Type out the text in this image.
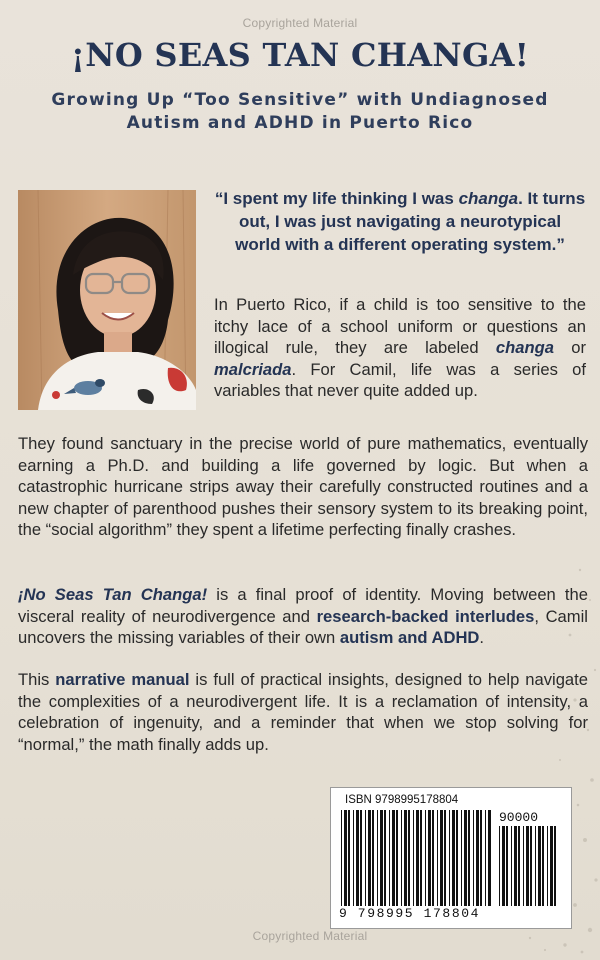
Copyrighted Material
¡NO SEAS TAN CHANGA!
Growing Up “Too Sensitive” with Undiagnosed
Autism and ADHD in Puerto Rico
“I spent my life thinking I was changa. It turns out, I was just navigating a neurotypical world with a different operating system.”
In Puerto Rico, if a child is too sensitive to the itchy lace of a school uniform or questions an illogical rule, they are labeled changa or malcriada. For Camil, life was a series of variables that never quite added up.
They found sanctuary in the precise world of pure mathematics, eventually earning a Ph.D. and building a life governed by logic. But when a catastrophic hurricane strips away their carefully constructed routines and a new chapter of parenthood pushes their sensory system to its breaking point, the “social algorithm” they spent a lifetime perfecting finally crashes.
¡No Seas Tan Changa! is a final proof of identity. Moving between the visceral reality of neurodivergence and research-backed interludes, Camil uncovers the missing variables of their own autism and ADHD.
This narrative manual is full of practical insights, designed to help navigate the complexities of a neurodivergent life. It is a reclamation of intensity, a celebration of ingenuity, and a reminder that when we stop solving for “normal,” the math finally adds up.
ISBN 9798995178804
90000
9 798995 178804
Copyrighted Material
